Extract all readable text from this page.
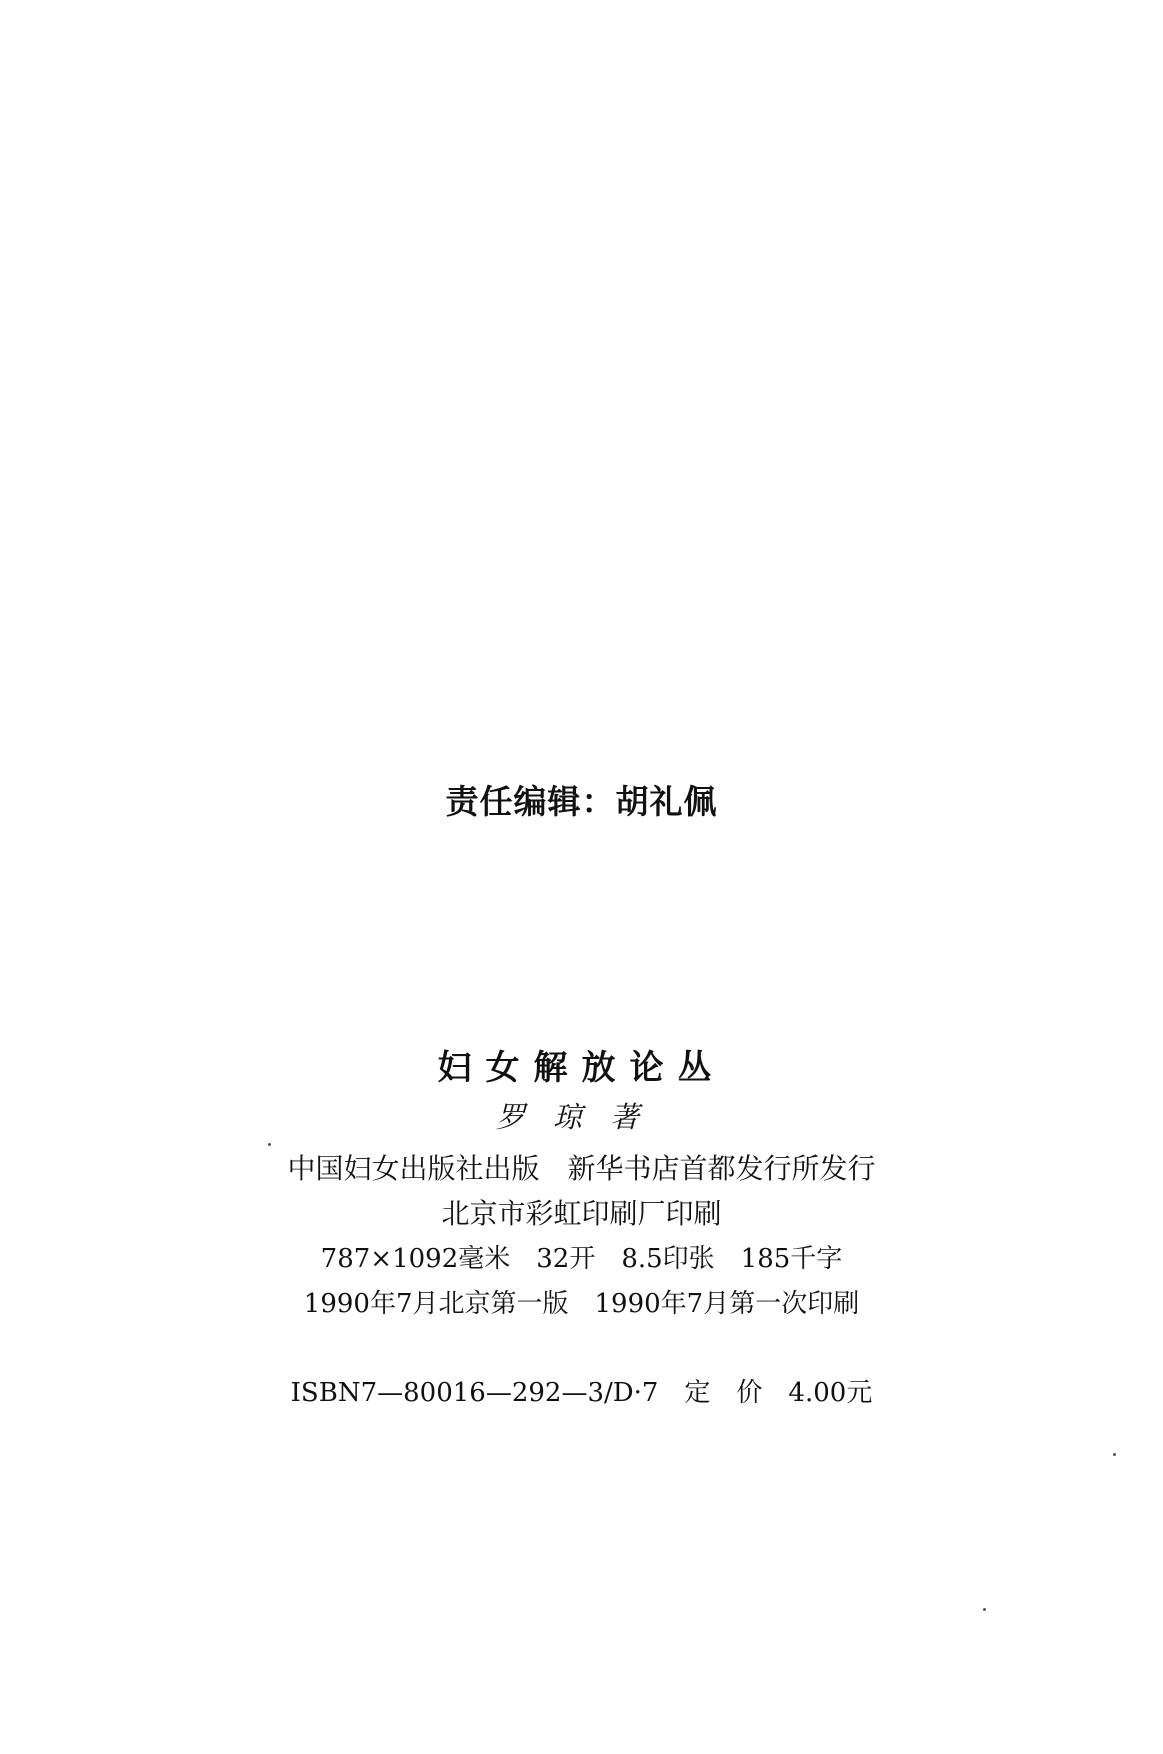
责任编辑：胡礼佩
妇女解放论丛
罗琼著
中国妇女出版社出版　新华书店首都发行所发行
北京市彩虹印刷厂印刷
787×1092毫米　32开　8.5印张　185千字
1990年7月北京第一版　1990年7月第一次印刷
ISBN7—80016—292—3/D·7　定　价　4.00元
